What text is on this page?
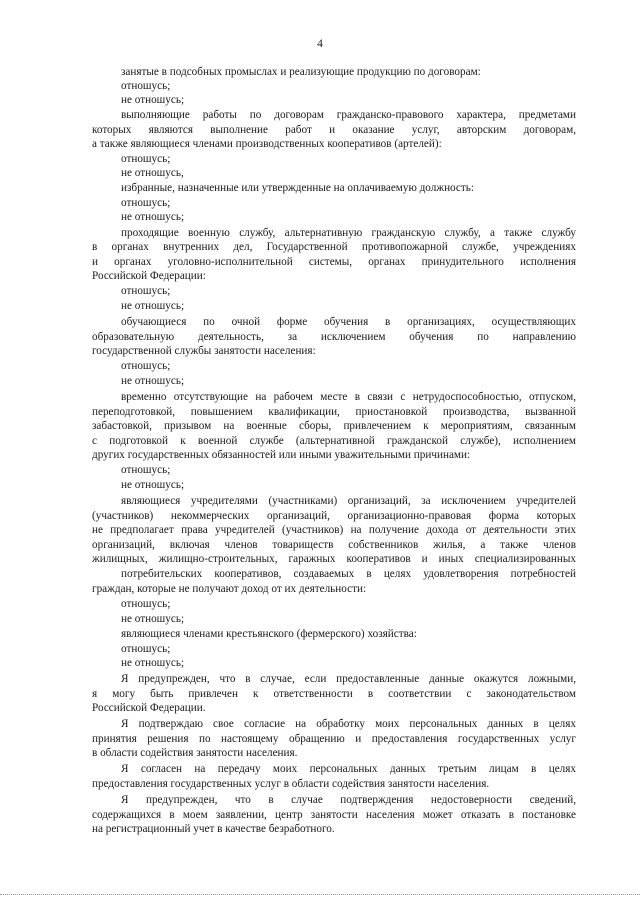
4
занятые в подсобных промыслах и реализующие продукцию по договорам:
отношусь;
не отношусь;
выполняющие работы по договорам гражданско-правового характера, предметами
которых являются выполнение работ и оказание услуг, авторским договорам,
а также являющиеся членами производственных кооперативов (артелей):
отношусь;
не отношусь,
избранные, назначенные или утвержденные на оплачиваемую должность:
отношусь;
не отношусь;
проходящие военную службу, альтернативную гражданскую службу, а также службу
в органах внутренних дел, Государственной противопожарной службе, учреждениях
и органах уголовно-исполнительной системы, органах принудительного исполнения
Российской Федерации:
отношусь;
не отношусь;
обучающиеся по очной форме обучения в организациях, осуществляющих
образовательную деятельность, за исключением обучения по направлению
государственной службы занятости населения:
отношусь;
не отношусь;
временно отсутствующие на рабочем месте в связи с нетрудоспособностью, отпуском,
переподготовкой, повышением квалификации, приостановкой производства, вызванной
забастовкой, призывом на военные сборы, привлечением к мероприятиям, связанным
с подготовкой к военной службе (альтернативной гражданской службе), исполнением
других государственных обязанностей или иными уважительными причинами:
отношусь;
не отношусь;
являющиеся учредителями (участниками) организаций, за исключением учредителей
(участников) некоммерческих организаций, организационно-правовая форма которых
не предполагает права учредителей (участников) на получение дохода от деятельности этих
организаций, включая членов товариществ собственников жилья, а также членов
жилищных, жилищно-строительных, гаражных кооперативов и иных специализированных
потребительских кооперативов, создаваемых в целях удовлетворения потребностей
граждан, которые не получают доход от их деятельности:
отношусь;
не отношусь;
являющиеся членами крестьянского (фермерского) хозяйства:
отношусь;
не отношусь;
Я предупрежден, что в случае, если предоставленные данные окажутся ложными,
я могу быть привлечен к ответственности в соответствии с законодательством
Российской Федерации.
Я подтверждаю свое согласие на обработку моих персональных данных в целях
принятия решения по настоящему обращению и предоставления государственных услуг
в области содействия занятости населения.
Я согласен на передачу моих персональных данных третьим лицам в целях
предоставления государственных услуг в области содействия занятости населения.
Я предупрежден, что в случае подтверждения недостоверности сведений,
содержащихся в моем заявлении, центр занятости населения может отказать в постановке
на регистрационный учет в качестве безработного.
